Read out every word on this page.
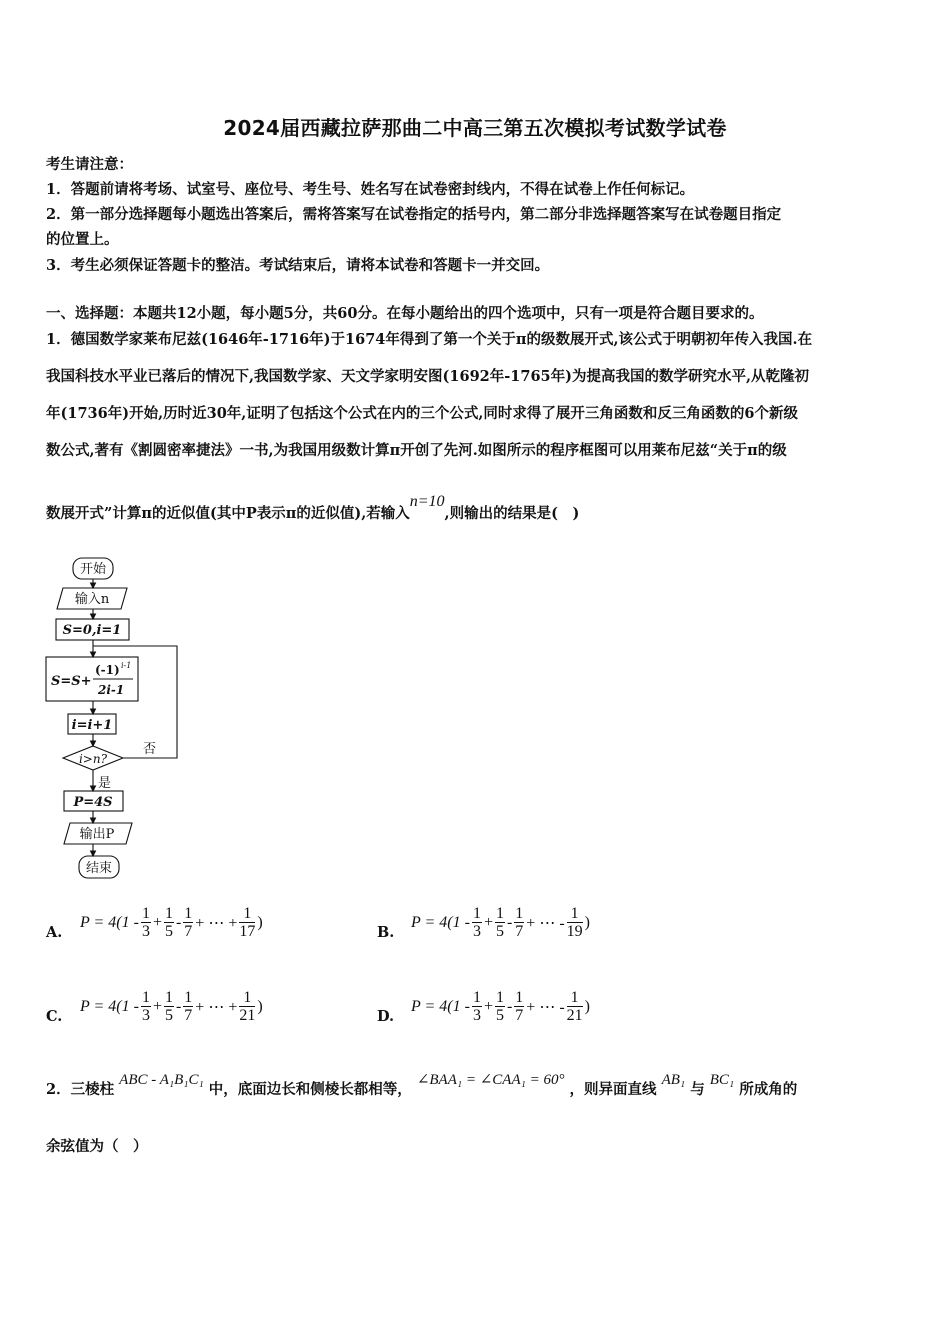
2024届西藏拉萨那曲二中高三第五次模拟考试数学试卷
考生请注意：
1．答题前请将考场、试室号、座位号、考生号、姓名写在试卷密封线内，不得在试卷上作任何标记。
2．第一部分选择题每小题选出答案后，需将答案写在试卷指定的括号内，第二部分非选择题答案写在试卷题目指定
的位置上。
3．考生必须保证答题卡的整洁。考试结束后，请将本试卷和答题卡一并交回。
一、选择题：本题共12小题，每小题5分，共60分。在每小题给出的四个选项中，只有一项是符合题目要求的。
1．德国数学家莱布尼兹(1646年-1716年)于1674年得到了第一个关于π的级数展开式,该公式于明朝初年传入我国.在
我国科技水平业已落后的情况下,我国数学家、天文学家明安图(1692年-1765年)为提高我国的数学研究水平,从乾隆初
年(1736年)开始,历时近30年,证明了包括这个公式在内的三个公式,同时求得了展开三角函数和反三角函数的6个新级
数公式,著有《割圆密率捷法》一书,为我国用级数计算π开创了先河.如图所示的程序框图可以用莱布尼兹“关于π的级
数展开式”计算π的近似值(其中P表示π的近似值),若输入n=10,则输出的结果是(　)
开始
输入n
S=0,i=1
S=S+
(-1) i-1
2i-1
i=i+1
i>n?
否
是
P=4S
输出P
结束
A.
$P = 4(1 - \frac{1}{3} + \frac{1}{5} - \frac{1}{7}$ + ⋯ + $\frac{1}{17}$ )
B.
$P = 4(1 - \frac{1}{3} + \frac{1}{5} - \frac{1}{7}$ + ⋯ - $\frac{1}{19}$ )
C.
$P = 4(1 - \frac{1}{3} + \frac{1}{5} - \frac{1}{7}$ + ⋯ + $\frac{1}{21}$ )
D.
$P = 4(1 - \frac{1}{3} + \frac{1}{5} - \frac{1}{7}$ + ⋯ - $\frac{1}{21}$ )
2．三棱柱 ABC - A₁B₁C₁ 中，底面边长和侧棱长都相等， ∠BAA₁ = ∠CAA₁ = 60° ，则异面直线 AB₁ 与 BC₁ 所成角的
余弦值为（　）
